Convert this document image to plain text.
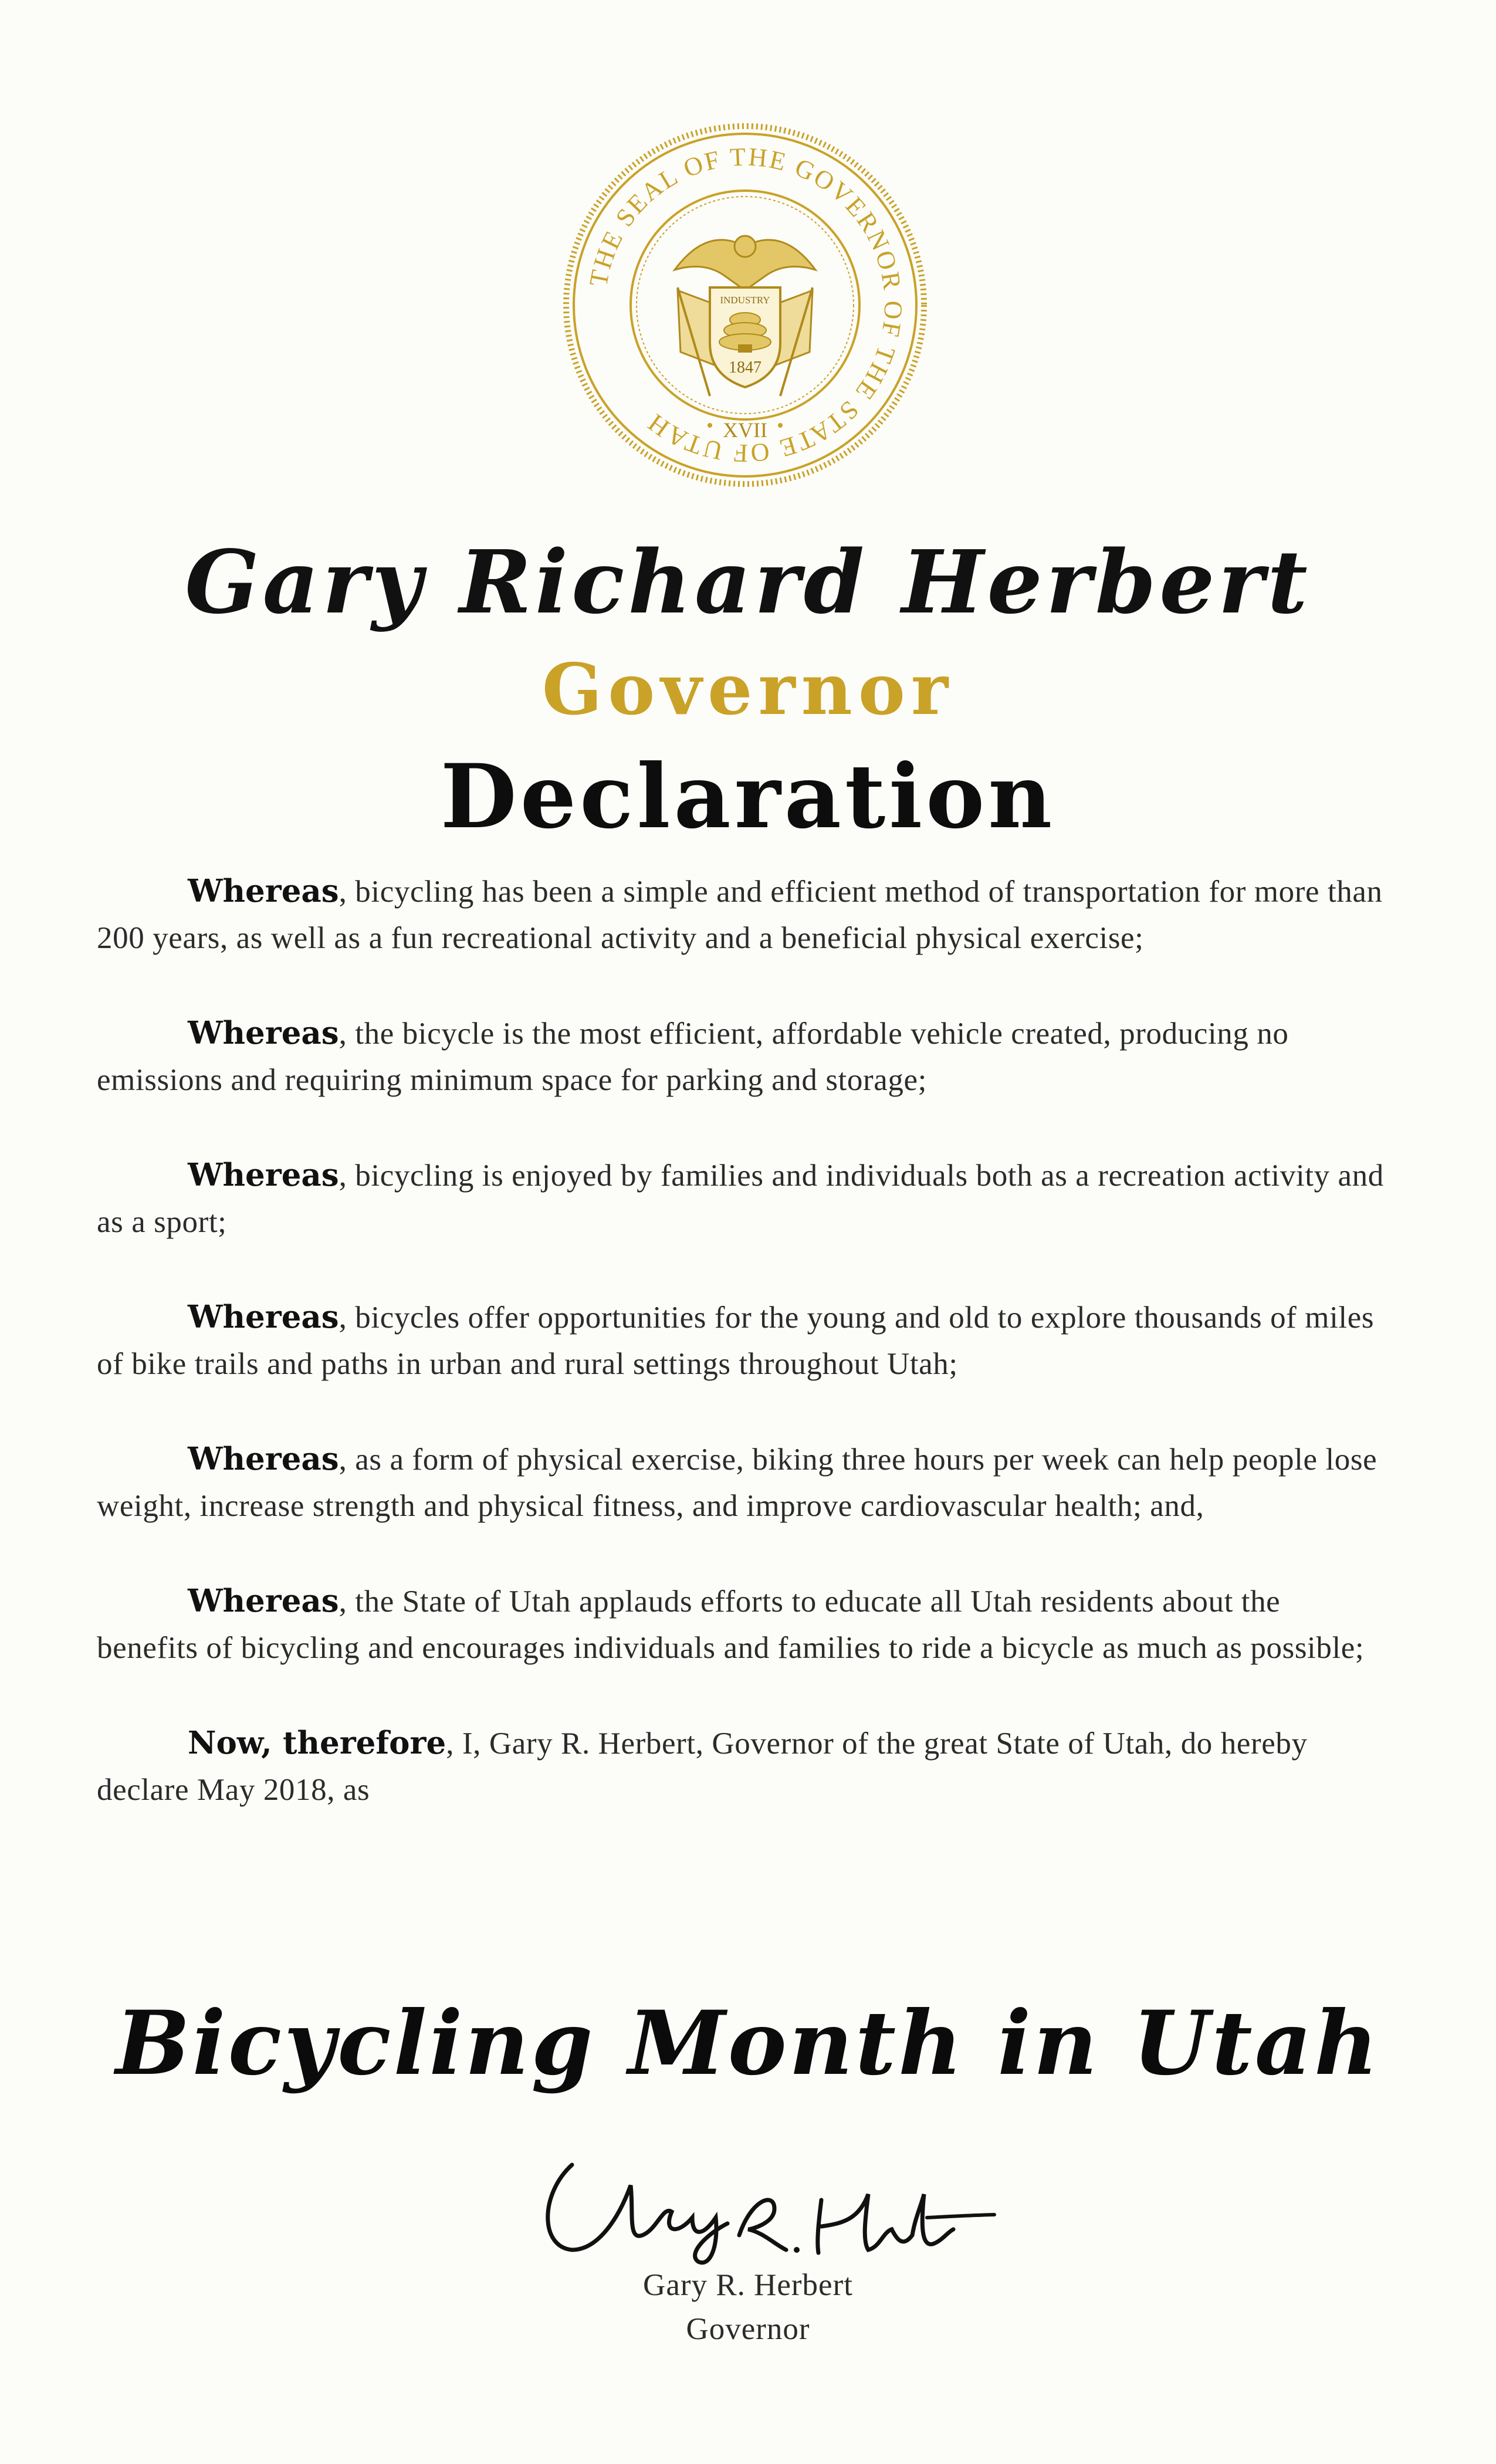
THE SEAL OF THE GOVERNOR OF THE STATE OF UTAH
INDUSTRY
1847
XVII
Gary Richard Herbert
Governor
Declaration

Whereas, bicycling has been a simple and efficient method of transportation for more than 200 years, as well as a fun recreational activity and a beneficial physical exercise;

Whereas, the bicycle is the most efficient, affordable vehicle created, producing no emissions and requiring minimum space for parking and storage;

Whereas, bicycling is enjoyed by families and individuals both as a recreation activity and as a sport;

Whereas, bicycles offer opportunities for the young and old to explore thousands of miles of bike trails and paths in urban and rural settings throughout Utah;

Whereas, as a form of physical exercise, biking three hours per week can help people lose weight, increase strength and physical fitness, and improve cardiovascular health; and,

Whereas, the State of Utah applauds efforts to educate all Utah residents about the benefits of bicycling and encourages individuals and families to ride a bicycle as much as possible;

Now, therefore, I, Gary R. Herbert, Governor of the great State of Utah, do hereby declare May 2018, as

Bicycling Month in Utah
Gary R. Herbert
Governor
